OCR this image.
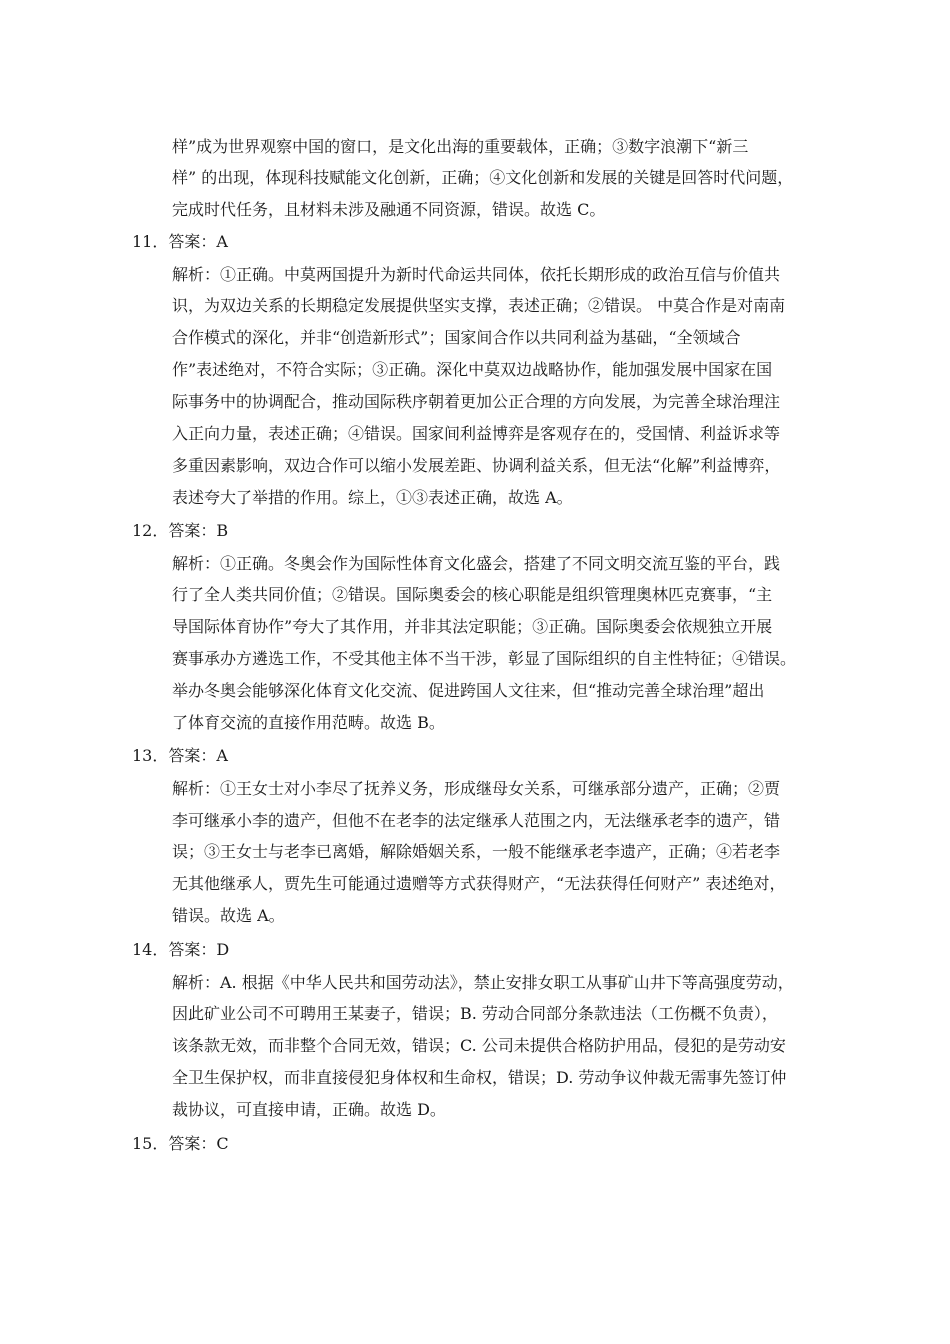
样”成为世界观察中国的窗口，是文化出海的重要载体，正确；③数字浪潮下“新三
样” 的出现，体现科技赋能文化创新，正确；④文化创新和发展的关键是回答时代问题，
完成时代任务，且材料未涉及融通不同资源，错误。故选 C。
11．答案：A
解析：①正确。中莫两国提升为新时代命运共同体，依托长期形成的政治互信与价值共
识，为双边关系的长期稳定发展提供坚实支撑，表述正确；②错误。 中莫合作是对南南
合作模式的深化，并非“创造新形式”；国家间合作以共同利益为基础，“全领域合
作”表述绝对，不符合实际；③正确。深化中莫双边战略协作，能加强发展中国家在国
际事务中的协调配合，推动国际秩序朝着更加公正合理的方向发展，为完善全球治理注
入正向力量，表述正确；④错误。国家间利益博弈是客观存在的，受国情、利益诉求等
多重因素影响，双边合作可以缩小发展差距、协调利益关系，但无法“化解”利益博弈，
表述夸大了举措的作用。综上，①③表述正确，故选 A。
12．答案：B
解析：①正确。冬奥会作为国际性体育文化盛会，搭建了不同文明交流互鉴的平台，践
行了全人类共同价值；②错误。国际奥委会的核心职能是组织管理奥林匹克赛事，“主
导国际体育协作”夸大了其作用，并非其法定职能；③正确。国际奥委会依规独立开展
赛事承办方遴选工作，不受其他主体不当干涉，彰显了国际组织的自主性特征；④错误。
举办冬奥会能够深化体育文化交流、促进跨国人文往来，但“推动完善全球治理”超出
了体育交流的直接作用范畴。故选 B。
13．答案：A
解析：①王女士对小李尽了抚养义务，形成继母女关系，可继承部分遗产，正确；②贾
李可继承小李的遗产，但他不在老李的法定继承人范围之内，无法继承老李的遗产，错
误；③王女士与老李已离婚，解除婚姻关系，一般不能继承老李遗产，正确；④若老李
无其他继承人，贾先生可能通过遗赠等方式获得财产，“无法获得任何财产” 表述绝对，
错误。故选 A。
14．答案：D
解析：A. 根据《中华人民共和国劳动法》，禁止安排女职工从事矿山井下等高强度劳动，
因此矿业公司不可聘用王某妻子，错误；B. 劳动合同部分条款违法（工伤概不负责），
该条款无效，而非整个合同无效，错误；C. 公司未提供合格防护用品，侵犯的是劳动安
全卫生保护权，而非直接侵犯身体权和生命权，错误；D. 劳动争议仲裁无需事先签订仲
裁协议，可直接申请，正确。故选 D。
15．答案：C
